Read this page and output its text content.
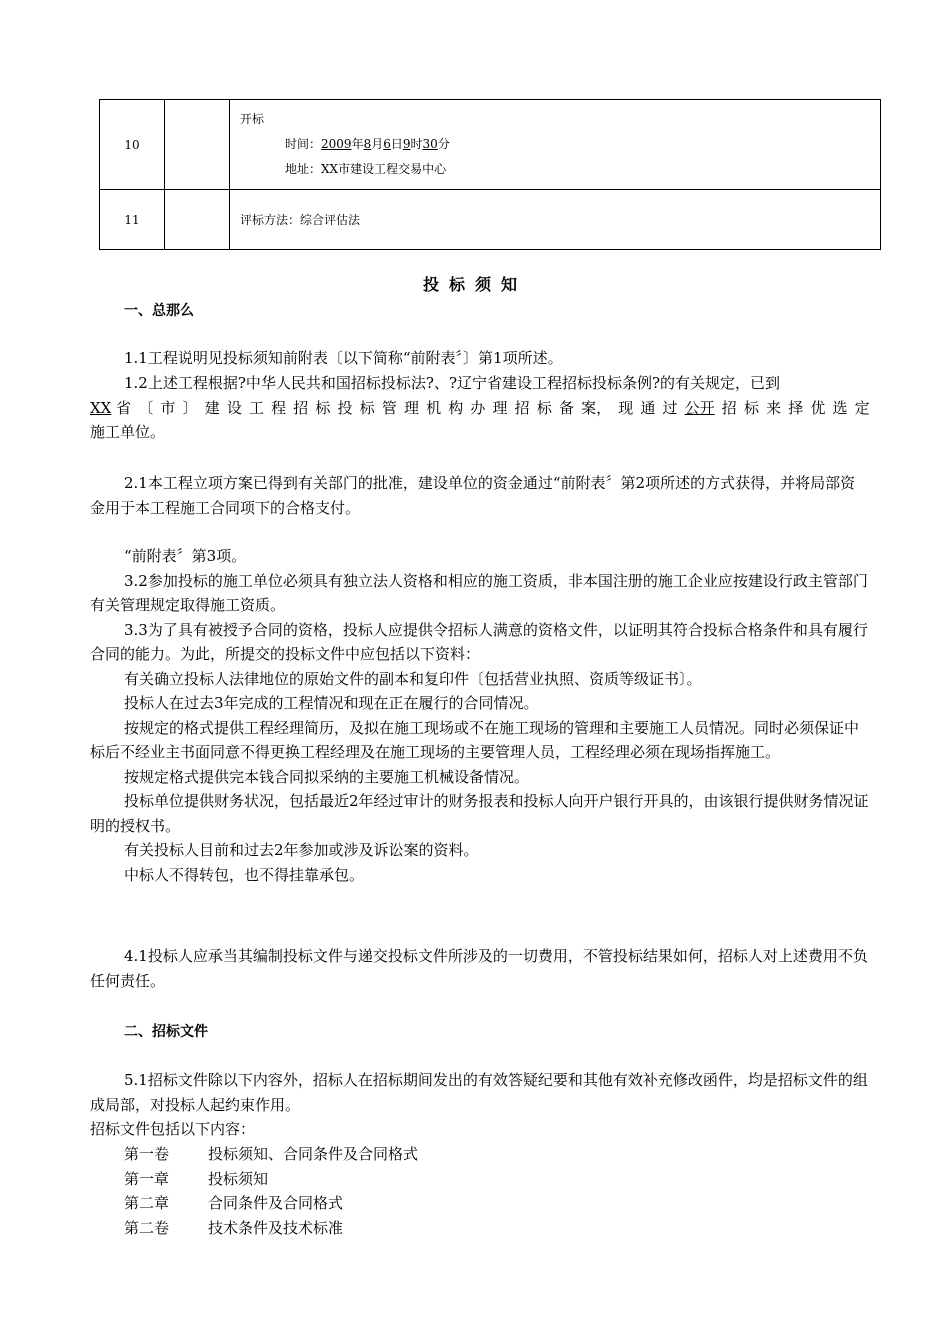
10		开标
时间：2009年8月6日9时30分
地址：XX市建设工程交易中心

11		评标方法：综合评估法
投标须知
一、总那么
1.1工程说明见投标须知前附表〔以下简称“前附表〞〕第1项所述。
1.2上述工程根据?中华人民共和国招标投标法?、?辽宁省建设工程招标投标条例?的有关规定，已到
XX 省 〔 市 〕 建 设 工 程 招 标 投 标 管 理 机 构 办 理 招 标 备 案， 现 通 过 公开 招 标 来 择 优 选 定
施工单位。
2.1本工程立项方案已得到有关部门的批准，建设单位的资金通过“前附表〞第2项所述的方式获得，并将局部资金用于本工程施工合同项下的合格支付。
“前附表〞第3项。
3.2参加投标的施工单位必须具有独立法人资格和相应的施工资质，非本国注册的施工企业应按建设行政主管部门有关管理规定取得施工资质。
3.3为了具有被授予合同的资格，投标人应提供令招标人满意的资格文件，以证明其符合投标合格条件和具有履行合同的能力。为此，所提交的投标文件中应包括以下资料：
有关确立投标人法律地位的原始文件的副本和复印件〔包括营业执照、资质等级证书〕。
投标人在过去3年完成的工程情况和现在正在履行的合同情况。
按规定的格式提供工程经理简历，及拟在施工现场或不在施工现场的管理和主要施工人员情况。同时必须保证中标后不经业主书面同意不得更换工程经理及在施工现场的主要管理人员，工程经理必须在现场指挥施工。
按规定格式提供完本钱合同拟采纳的主要施工机械设备情况。
投标单位提供财务状况，包括最近2年经过审计的财务报表和投标人向开户银行开具的，由该银行提供财务情况证明的授权书。
有关投标人目前和过去2年参加或涉及诉讼案的资料。
中标人不得转包，也不得挂靠承包。
4.1投标人应承当其编制投标文件与递交投标文件所涉及的一切费用，不管投标结果如何，招标人对上述费用不负任何责任。
二、招标文件
5.1招标文件除以下内容外，招标人在招标期间发出的有效答疑纪要和其他有效补充修改函件，均是招标文件的组成局部，对投标人起约束作用。
招标文件包括以下内容：
第一卷	投标须知、合同条件及合同格式
第一章	投标须知
第二章	合同条件及合同格式
第二卷	技术条件及技术标准
